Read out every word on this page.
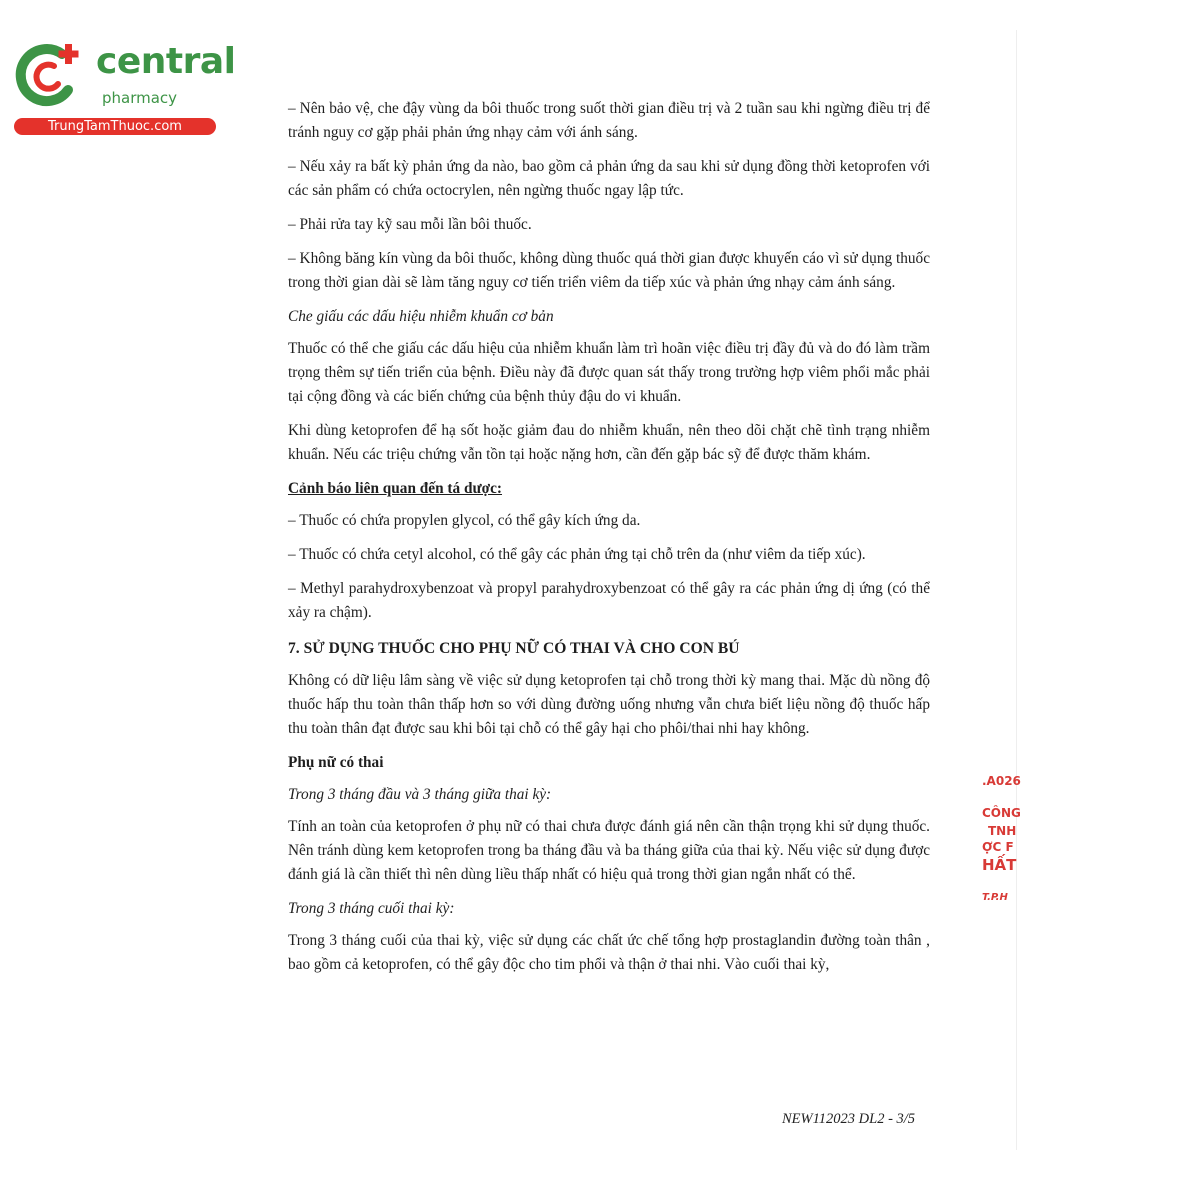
central
pharmacy
TrungTamThuoc.com

– Nên bảo vệ, che đậy vùng da bôi thuốc trong suốt thời gian điều trị và 2 tuần sau khi ngừng điều trị để tránh nguy cơ gặp phải phản ứng nhạy cảm với ánh sáng.

– Nếu xảy ra bất kỳ phản ứng da nào, bao gồm cả phản ứng da sau khi sử dụng đồng thời ketoprofen với các sản phẩm có chứa octocrylen, nên ngừng thuốc ngay lập tức.

– Phải rửa tay kỹ sau mỗi lần bôi thuốc.

– Không băng kín vùng da bôi thuốc, không dùng thuốc quá thời gian được khuyến cáo vì sử dụng thuốc trong thời gian dài sẽ làm tăng nguy cơ tiến triển viêm da tiếp xúc và phản ứng nhạy cảm ánh sáng.

Che giấu các dấu hiệu nhiễm khuẩn cơ bản

Thuốc có thể che giấu các dấu hiệu của nhiễm khuẩn làm trì hoãn việc điều trị đầy đủ và do đó làm trầm trọng thêm sự tiến triển của bệnh. Điều này đã được quan sát thấy trong trường hợp viêm phổi mắc phải tại cộng đồng và các biến chứng của bệnh thủy đậu do vi khuẩn.

Khi dùng ketoprofen để hạ sốt hoặc giảm đau do nhiễm khuẩn, nên theo dõi chặt chẽ tình trạng nhiễm khuẩn. Nếu các triệu chứng vẫn tồn tại hoặc nặng hơn, cần đến gặp bác sỹ để được thăm khám.

Cảnh báo liên quan đến tá dược:

– Thuốc có chứa propylen glycol, có thể gây kích ứng da.

– Thuốc có chứa cetyl alcohol, có thể gây các phản ứng tại chỗ trên da (như viêm da tiếp xúc).

– Methyl parahydroxybenzoat và propyl parahydroxybenzoat có thể gây ra các phản ứng dị ứng (có thể xảy ra chậm).

7. SỬ DỤNG THUỐC CHO PHỤ NỮ CÓ THAI VÀ CHO CON BÚ

Không có dữ liệu lâm sàng về việc sử dụng ketoprofen tại chỗ trong thời kỳ mang thai. Mặc dù nồng độ thuốc hấp thu toàn thân thấp hơn so với dùng đường uống nhưng vẫn chưa biết liệu nồng độ thuốc hấp thu toàn thân đạt được sau khi bôi tại chỗ có thể gây hại cho phôi/thai nhi hay không.

Phụ nữ có thai

Trong 3 tháng đầu và 3 tháng giữa thai kỳ:

Tính an toàn của ketoprofen ở phụ nữ có thai chưa được đánh giá nên cần thận trọng khi sử dụng thuốc. Nên tránh dùng kem ketoprofen trong ba tháng đầu và ba tháng giữa của thai kỳ. Nếu việc sử dụng được đánh giá là cần thiết thì nên dùng liều thấp nhất có hiệu quả trong thời gian ngắn nhất có thể.

Trong 3 tháng cuối thai kỳ:

Trong 3 tháng cuối của thai kỳ, việc sử dụng các chất ức chế tổng hợp prostaglandin đường toàn thân , bao gồm cả ketoprofen, có thể gây độc cho tim phổi và thận ở thai nhi. Vào cuối thai kỳ,

NEW112023 DL2 - 3/5
.A026
CÔNG
TNH
ỢC F
HẤT
T.P.H
